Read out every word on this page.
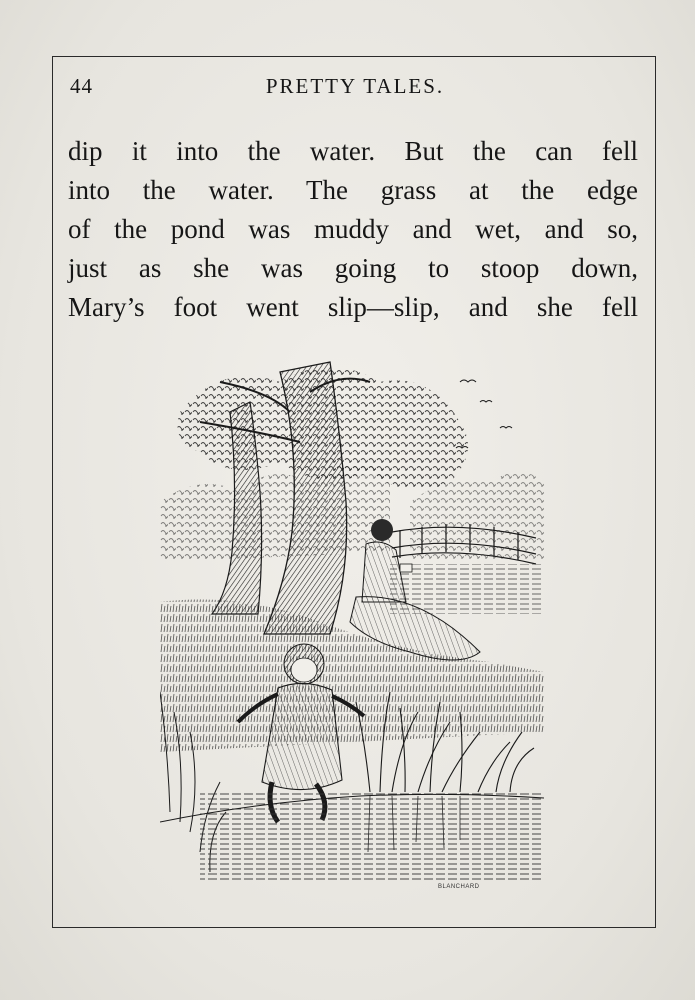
44	PRETTY TALES.
dip it into the water. But the can fell
into the water. The grass at the edge
of the pond was muddy and wet, and so,
just as she was going to stoop down,
Mary’s foot went slip—slip, and she fell
BLANCHARD
